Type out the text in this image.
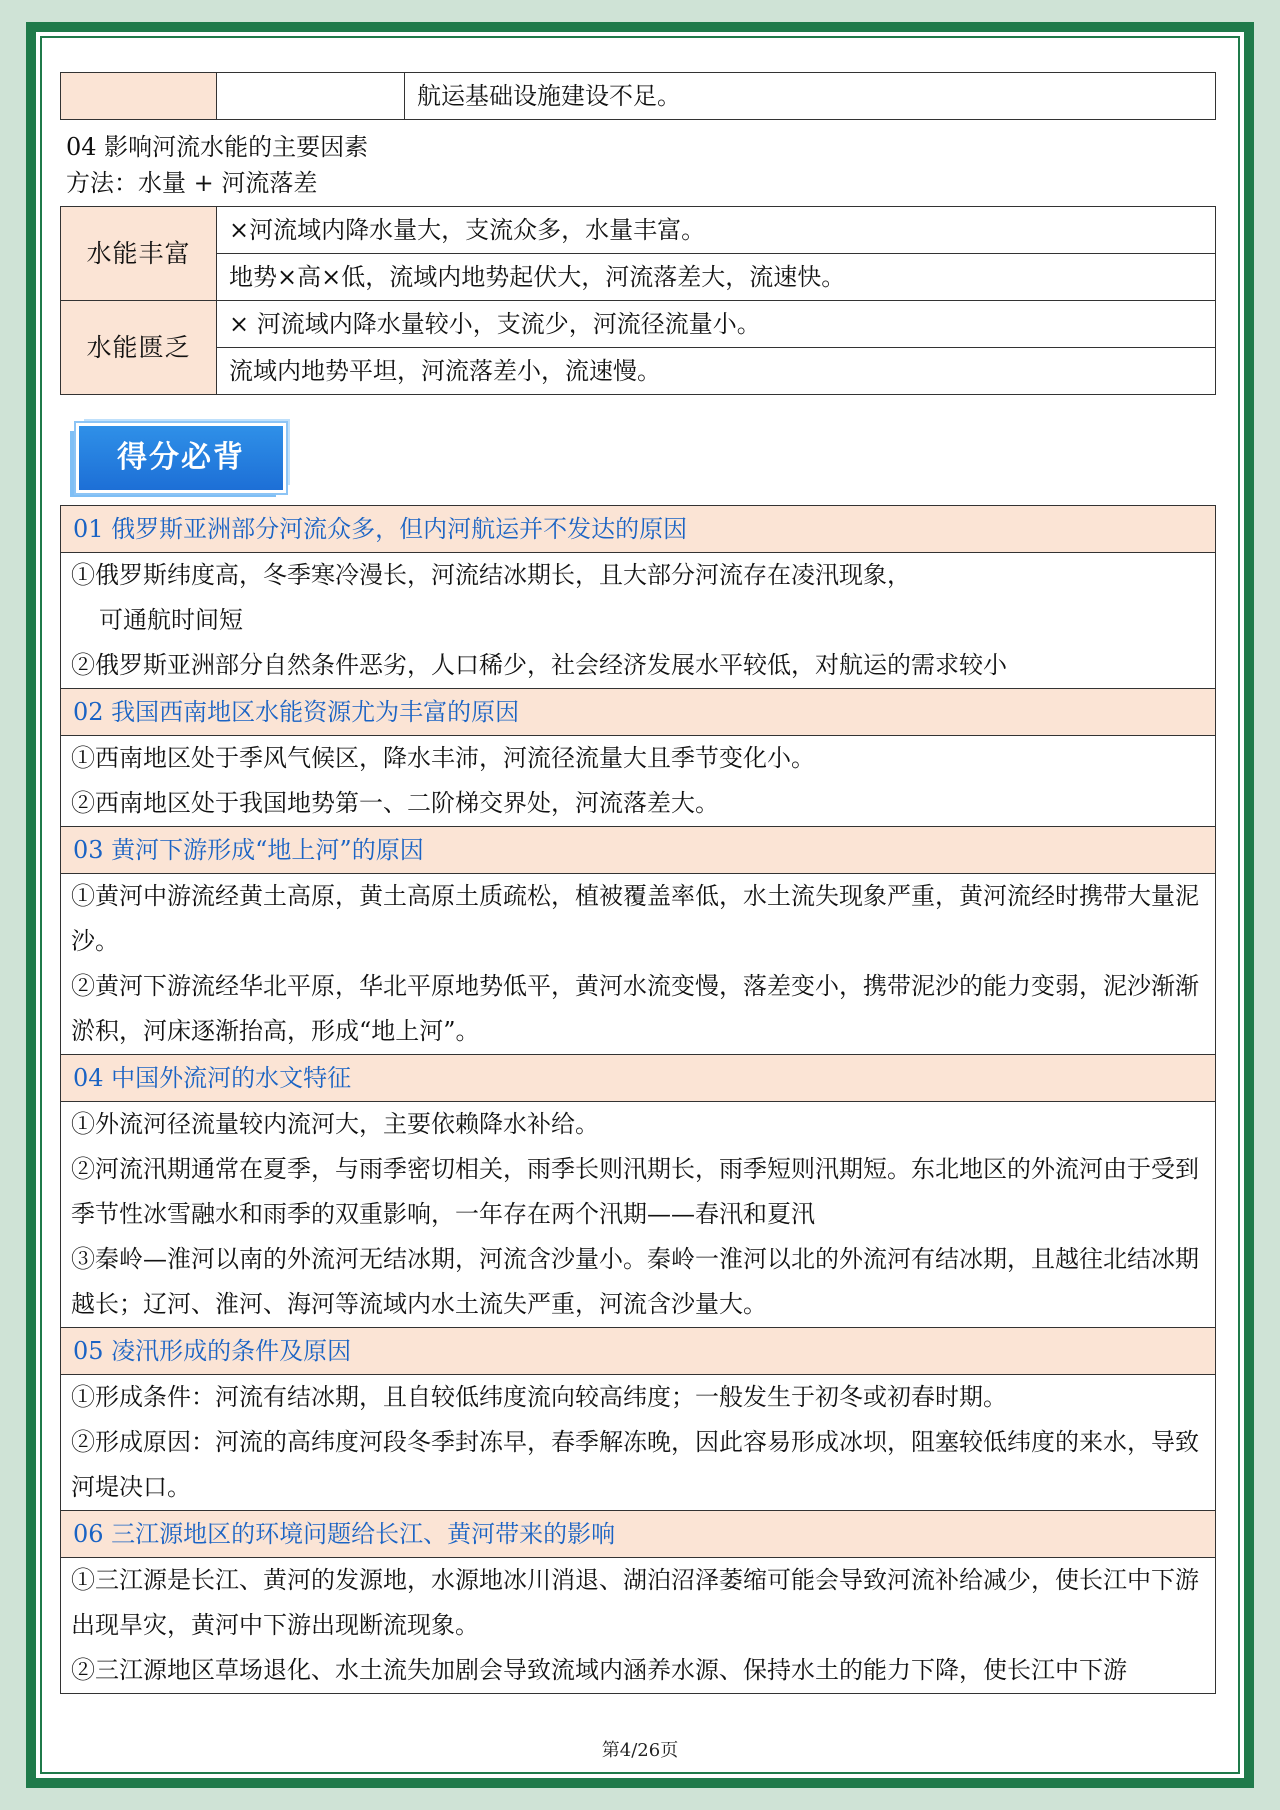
		航运基础设施建设不足。
04 影响河流水能的主要因素
方法：水量 + 河流落差
水能丰富	×河流域内降水量大，支流众多，水量丰富。
	地势×高×低，流域内地势起伏大，河流落差大，流速快。
水能匮乏	× 河流域内降水量较小，支流少，河流径流量小。
	流域内地势平坦，河流落差小，流速慢。
得分必背
01 俄罗斯亚洲部分河流众多，但内河航运并不发达的原因

①俄罗斯纬度高，冬季寒冷漫长，河流结冰期长，且大部分河流存在凌汛现象，
可通航时间短
②俄罗斯亚洲部分自然条件恶劣，人口稀少，社会经济发展水平较低，对航运的需求较小

02 我国西南地区水能资源尤为丰富的原因

①西南地区处于季风气候区，降水丰沛，河流径流量大且季节变化小。
②西南地区处于我国地势第一、二阶梯交界处，河流落差大。

03 黄河下游形成“地上河”的原因

①黄河中游流经黄土高原，黄土高原土质疏松，植被覆盖率低，水土流失现象严重，黄河流经时携带大量泥沙。
②黄河下游流经华北平原，华北平原地势低平，黄河水流变慢，落差变小，携带泥沙的能力变弱，泥沙渐渐淤积，河床逐渐抬高，形成“地上河”。

04 中国外流河的水文特征

①外流河径流量较内流河大，主要依赖降水补给。
②河流汛期通常在夏季，与雨季密切相关，雨季长则汛期长，雨季短则汛期短。东北地区的外流河由于受到季节性冰雪融水和雨季的双重影响，一年存在两个汛期——春汛和夏汛
③秦岭—淮河以南的外流河无结冰期，河流含沙量小。秦岭一淮河以北的外流河有结冰期，且越往北结冰期越长；辽河、淮河、海河等流域内水土流失严重，河流含沙量大。

05 凌汛形成的条件及原因

①形成条件：河流有结冰期，且自较低纬度流向较高纬度；一般发生于初冬或初春时期。
②形成原因：河流的高纬度河段冬季封冻早，春季解冻晚，因此容易形成冰坝，阻塞较低纬度的来水，导致河堤决口。

06 三江源地区的环境问题给长江、黄河带来的影响

①三江源是长江、黄河的发源地，水源地冰川消退、湖泊沼泽萎缩可能会导致河流补给减少，使长江中下游出现旱灾，黄河中下游出现断流现象。
②三江源地区草场退化、水土流失加剧会导致流域内涵养水源、保持水土的能力下降，使长江中下游
第4/26页
